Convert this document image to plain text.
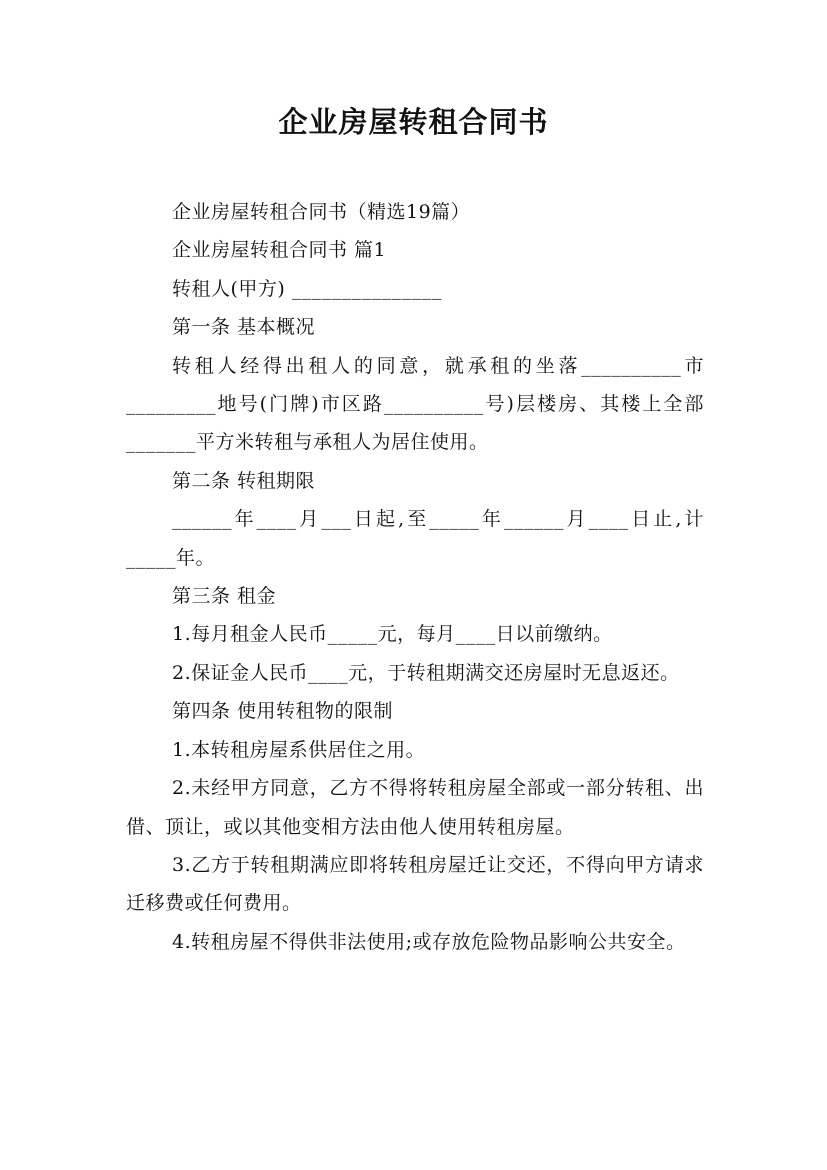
企业房屋转租合同书

企业房屋转租合同书（精选19篇）

企业房屋转租合同书 篇1

转租人(甲方) _______________

第一条 基本概况

转租人经得出租人的同意，就承租的坐落__________市_________地号(门牌)市区路__________号)层楼房、其楼上全部_______平方米转租与承租人为居住使用。

第二条 转租期限

______年____月___日起,至_____年______月____日止,计_____年。

第三条 租金

1.每月租金人民币_____元，每月____日以前缴纳。

2.保证金人民币____元，于转租期满交还房屋时无息返还。

第四条 使用转租物的限制

1.本转租房屋系供居住之用。

2.未经甲方同意，乙方不得将转租房屋全部或一部分转租、出借、顶让，或以其他变相方法由他人使用转租房屋。

3.乙方于转租期满应即将转租房屋迁让交还，不得向甲方请求迁移费或任何费用。

4.转租房屋不得供非法使用;或存放危险物品影响公共安全。
